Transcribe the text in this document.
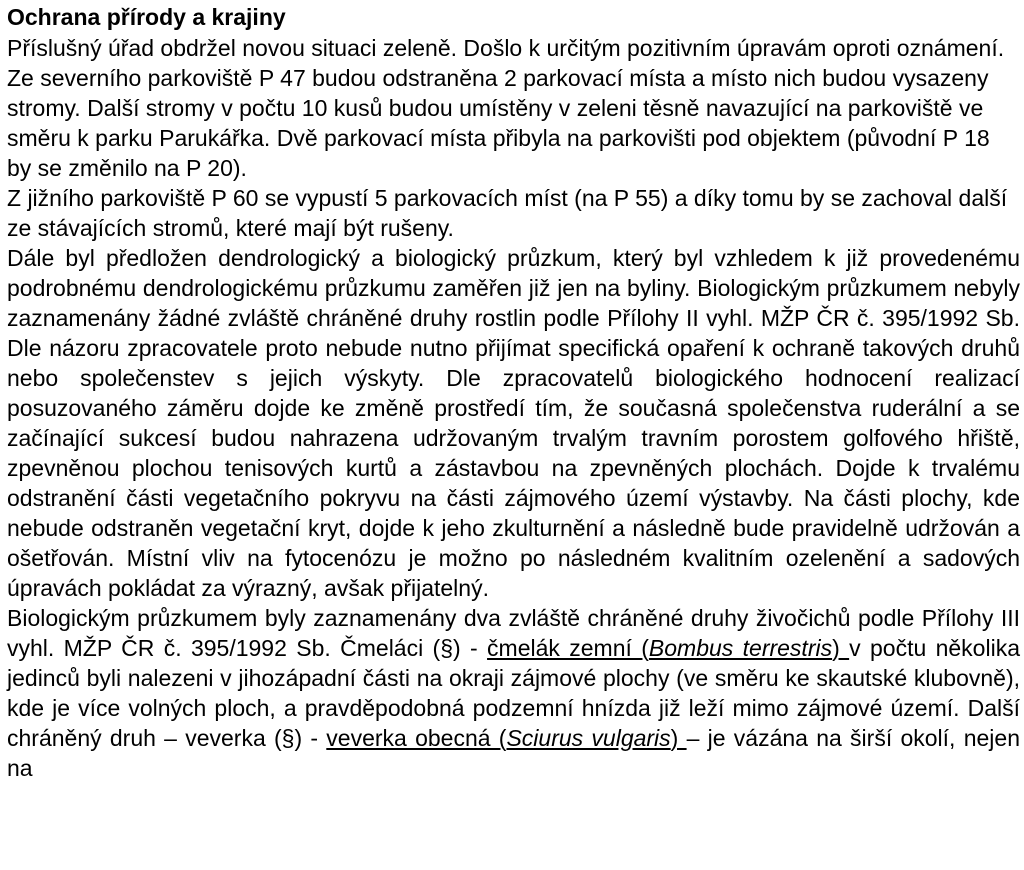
Ochrana přírody a krajiny

Příslušný úřad obdržel novou situaci zeleně. Došlo k určitým pozitivním úpravám oproti oznámení. Ze severního parkoviště P 47 budou odstraněna 2 parkovací místa a místo nich budou vysazeny stromy. Další stromy v počtu 10 kusů budou umístěny v zeleni těsně navazující na parkoviště ve směru k parku Parukářka. Dvě parkovací místa přibyla na parkovišti pod objektem (původní P 18 by se změnilo na P 20).

Z jižního parkoviště P 60 se vypustí 5 parkovacích míst (na P 55) a díky tomu by se zachoval další ze stávajících stromů, které mají být rušeny.

Dále byl předložen dendrologický a biologický průzkum, který byl vzhledem k již provedenému podrobnému dendrologickému průzkumu zaměřen již jen na byliny. Biologickým průzkumem nebyly zaznamenány žádné zvláště chráněné druhy rostlin podle Přílohy II vyhl. MŽP ČR č. 395/1992 Sb. Dle názoru zpracovatele proto nebude nutno přijímat specifická opaření k ochraně takových druhů nebo společenstev s jejich výskyty. Dle zpracovatelů biologického hodnocení realizací posuzovaného záměru dojde ke změně prostředí tím, že současná společenstva ruderální a se začínající sukcesí budou nahrazena udržovaným trvalým travním porostem golfového hřiště, zpevněnou plochou tenisových kurtů a zástavbou na zpevněných plochách. Dojde k trvalému odstranění části vegetačního pokryvu na části zájmového území výstavby. Na části plochy, kde nebude odstraněn vegetační kryt, dojde k jeho zkulturnění a následně bude pravidelně udržován a ošetřován. Místní vliv na fytocenózu je možno po následném kvalitním ozelenění a sadových úpravách pokládat za výrazný, avšak přijatelný.

Biologickým průzkumem byly zaznamenány dva zvláště chráněné druhy živočichů podle Přílohy III vyhl. MŽP ČR č. 395/1992 Sb. Čmeláci (§) - čmelák zemní (Bombus terrestris) v počtu několika jedinců byli nalezeni v jihozápadní části na okraji zájmové plochy (ve směru ke skautské klubovně), kde je více volných ploch, a pravděpodobná podzemní hnízda již leží mimo zájmové území. Další chráněný druh – veverka (§) - veverka obecná (Sciurus vulgaris) – je vázána na širší okolí, nejen na
